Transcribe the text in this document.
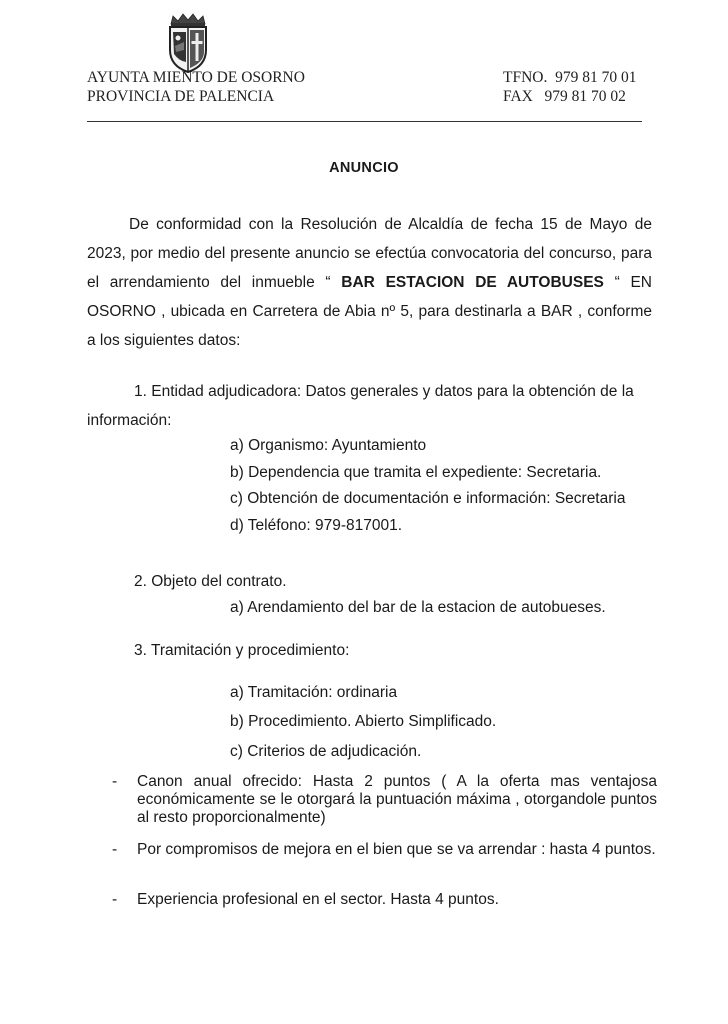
AYUNTA MIENTO DE OSORNO
PROVINCIA DE PALENCIA
TFNO. 979 81 70 01
FAX 979 81 70 02
ANUNCIO
De conformidad con la Resolución de Alcaldía de fecha 15 de Mayo de 2023, por medio del presente anuncio se efectúa convocatoria del concurso, para el arrendamiento del inmueble “ BAR ESTACION DE AUTOBUSES “ EN OSORNO , ubicada en Carretera de Abia nº 5, para destinarla a BAR , conforme a los siguientes datos:
1. Entidad adjudicadora: Datos generales y datos para la obtención de la información:
a) Organismo: Ayuntamiento
b) Dependencia que tramita el expediente: Secretaria.
c) Obtención de documentación e información: Secretaria
d) Teléfono: 979-817001.
2. Objeto del contrato.
a) Arendamiento del bar de la estacion de autobueses.
3. Tramitación y procedimiento:
a) Tramitación: ordinaria
b) Procedimiento. Abierto Simplificado.
c) Criterios de adjudicación.
- Canon anual ofrecido: Hasta 2 puntos ( A la oferta mas ventajosa económicamente se le otorgará la puntuación máxima , otorgandole puntos al resto proporcionalmente)
- Por compromisos de mejora en el bien que se va arrendar : hasta 4 puntos.
- Experiencia profesional en el sector. Hasta 4 puntos.
